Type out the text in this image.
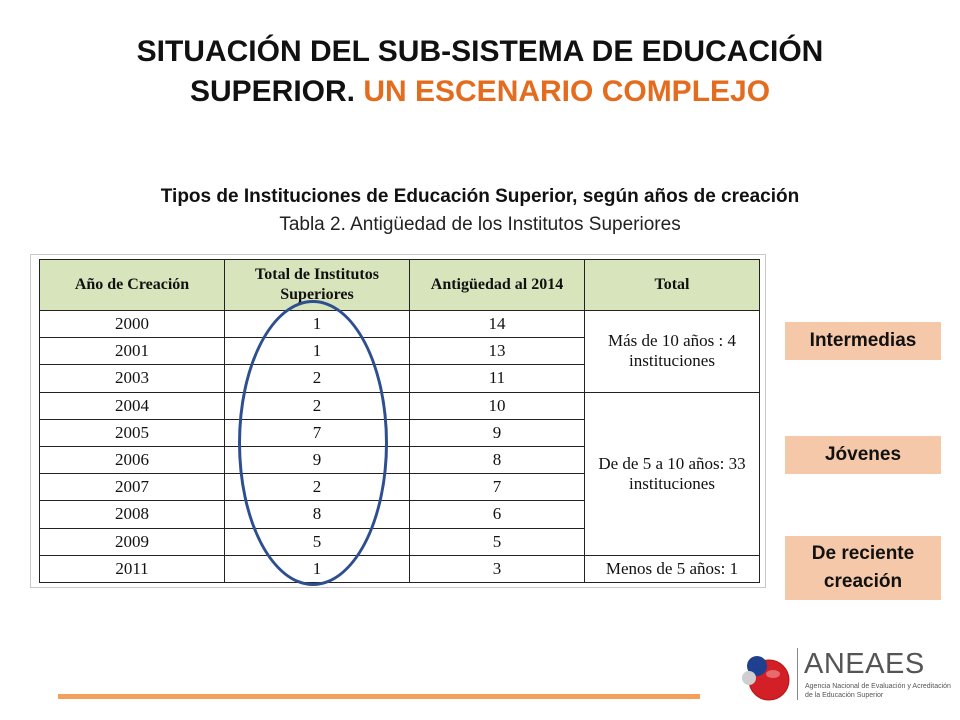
SITUACIÓN DEL SUB-SISTEMA DE EDUCACIÓN SUPERIOR. UN ESCENARIO COMPLEJO
Tipos de Instituciones de Educación Superior, según años de creación
Tabla 2. Antigüedad de los Institutos Superiores
Año de Creación	Total de Institutos Superiores	Antigüedad al 2014	Total
2000	1	14	Más de 10 años : 4 instituciones
2001	1	13	
2003	2	11	
2004	2	10	De de 5 a 10 años: 33 instituciones
2005	7	9	
2006	9	8	
2007	2	7	
2008	8	6	
2009	5	5	
2011	1	3	Menos de 5 años: 1
Intermedias
Jóvenes
De reciente creación
ANEAES
Agencia Nacional de Evaluación y Acreditación de la Educación Superior
